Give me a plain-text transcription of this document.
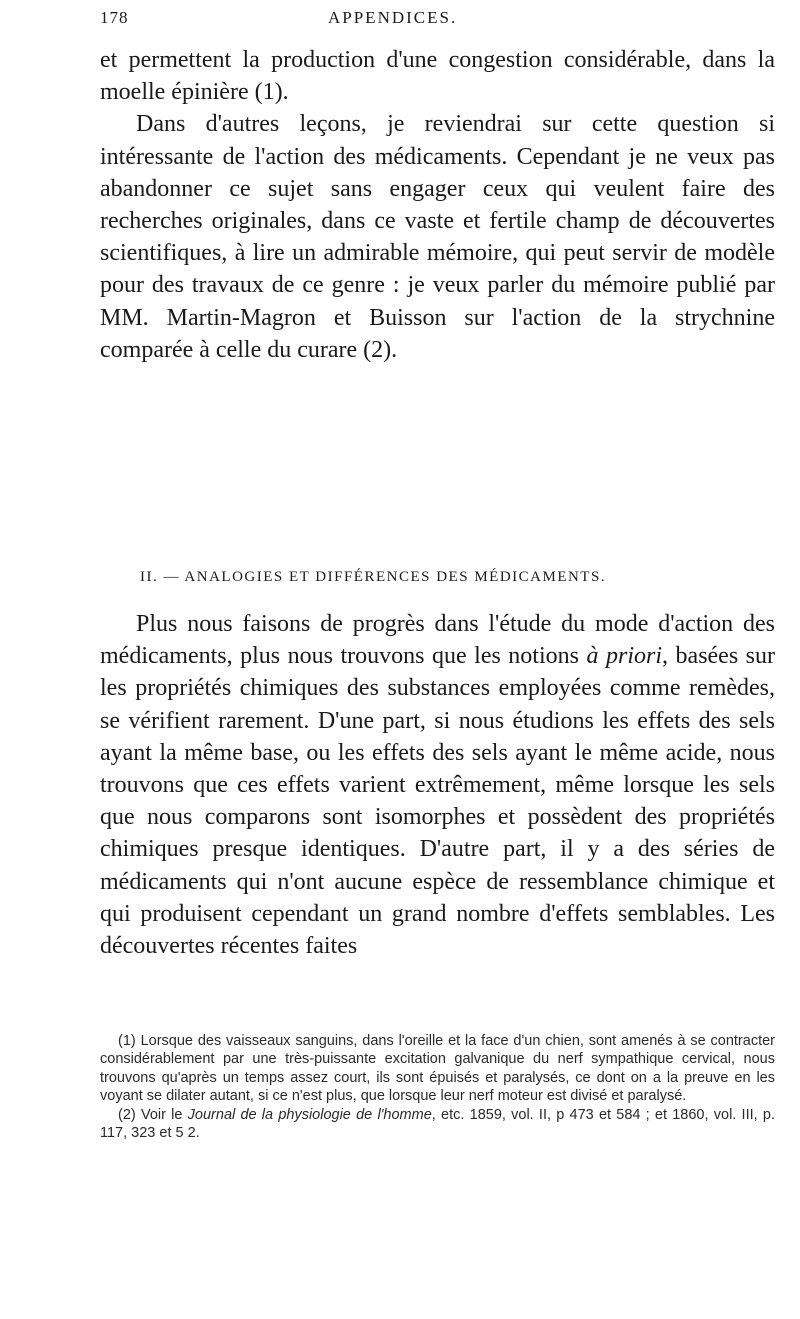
178	APPENDICES.

et permettent la production d'une congestion considérable, dans la moelle épinière (1).

Dans d'autres leçons, je reviendrai sur cette question si intéressante de l'action des médicaments. Cependant je ne veux pas abandonner ce sujet sans engager ceux qui veulent faire des recherches originales, dans ce vaste et fertile champ de découvertes scientifiques, à lire un admirable mémoire, qui peut servir de modèle pour des travaux de ce genre : je veux parler du mémoire publié par MM. Martin-Magron et Buisson sur l'action de la strychnine comparée à celle du curare (2).

II. — ANALOGIES ET DIFFÉRENCES DES MÉDICAMENTS.

Plus nous faisons de progrès dans l'étude du mode d'action des médicaments, plus nous trouvons que les notions à priori, basées sur les propriétés chimiques des substances employées comme remèdes, se vérifient rarement. D'une part, si nous étudions les effets des sels ayant la même base, ou les effets des sels ayant le même acide, nous trouvons que ces effets varient extrêmement, même lorsque les sels que nous comparons sont isomorphes et possèdent des propriétés chimiques presque identiques. D'autre part, il y a des séries de médicaments qui n'ont aucune espèce de ressemblance chimique et qui produisent cependant un grand nombre d'effets semblables. Les découvertes récentes faites

(1) Lorsque des vaisseaux sanguins, dans l'oreille et la face d'un chien, sont amenés à se contracter considérablement par une très-puissante excitation galvanique du nerf sympathique cervical, nous trouvons qu'après un temps assez court, ils sont épuisés et paralysés, ce dont on a la preuve en les voyant se dilater autant, si ce n'est plus, que lorsque leur nerf moteur est divisé et paralysé.

(2) Voir le Journal de la physiologie de l'homme, etc. 1859, vol. II, p 473 et 584 ; et 1860, vol. III, p. 117, 323 et 5 2.
